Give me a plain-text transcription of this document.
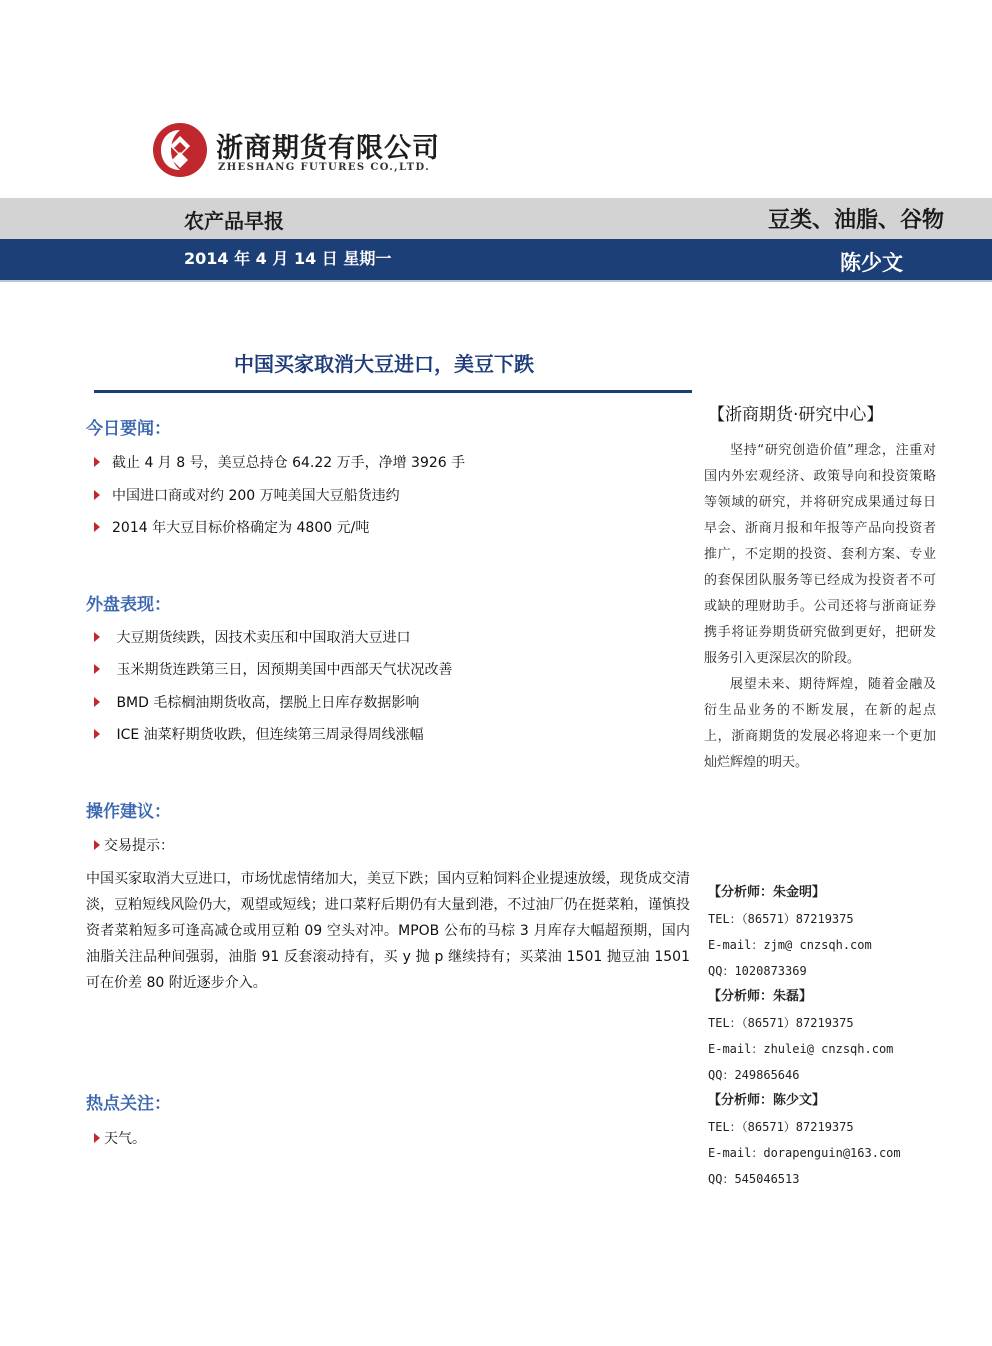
浙商期货有限公司
ZHESHANG FUTURES CO.,LTD.
农产品早报	豆类、油脂、谷物
2014 年 4 月 14 日 星期一	陈少文
中国买家取消大豆进口，美豆下跌
今日要闻：
截止 4 月 8 号，美豆总持仓 64.22 万手，净增 3926 手
中国进口商或对约 200 万吨美国大豆船货违约
2014 年大豆目标价格确定为 4800 元/吨
外盘表现：
大豆期货续跌，因技术卖压和中国取消大豆进口
玉米期货连跌第三日，因预期美国中西部天气状况改善
BMD 毛棕榈油期货收高，摆脱上日库存数据影响
ICE 油菜籽期货收跌，但连续第三周录得周线涨幅
操作建议：
交易提示：
中国买家取消大豆进口，市场忧虑情绪加大，美豆下跌；国内豆粕饲料企业提速放缓，现货成交清淡，豆粕短线风险仍大，观望或短线；进口菜籽后期仍有大量到港，不过油厂仍在挺菜粕，谨慎投资者菜粕短多可逢高减仓或用豆粕 09 空头对冲。MPOB 公布的马棕 3 月库存大幅超预期，国内油脂关注品种间强弱，油脂 91 反套滚动持有，买 y 抛 p 继续持有；买菜油 1501 抛豆油 1501 可在价差 80 附近逐步介入。
热点关注：
天气。
【浙商期货·研究中心】

坚持“研究创造价值”理念，注重对国内外宏观经济、政策导向和投资策略等领域的研究，并将研究成果通过每日早会、浙商月报和年报等产品向投资者推广，不定期的投资、套利方案、专业的套保团队服务等已经成为投资者不可或缺的理财助手。公司还将与浙商证券携手将证券期货研究做到更好，把研发服务引入更深层次的阶段。

展望未来、期待辉煌，随着金融及衍生品业务的不断发展，在新的起点上，浙商期货的发展必将迎来一个更加灿烂辉煌的明天。

【分析师：朱金明】
TEL：（86571）87219375
E-mail：zjm@ cnzsqh.com
QQ：1020873369
【分析师：朱磊】
TEL：（86571）87219375
E-mail：zhulei@ cnzsqh.com
QQ：249865646
【分析师：陈少文】
TEL：（86571）87219375
E-mail：dorapenguin@163.com
QQ：545046513
